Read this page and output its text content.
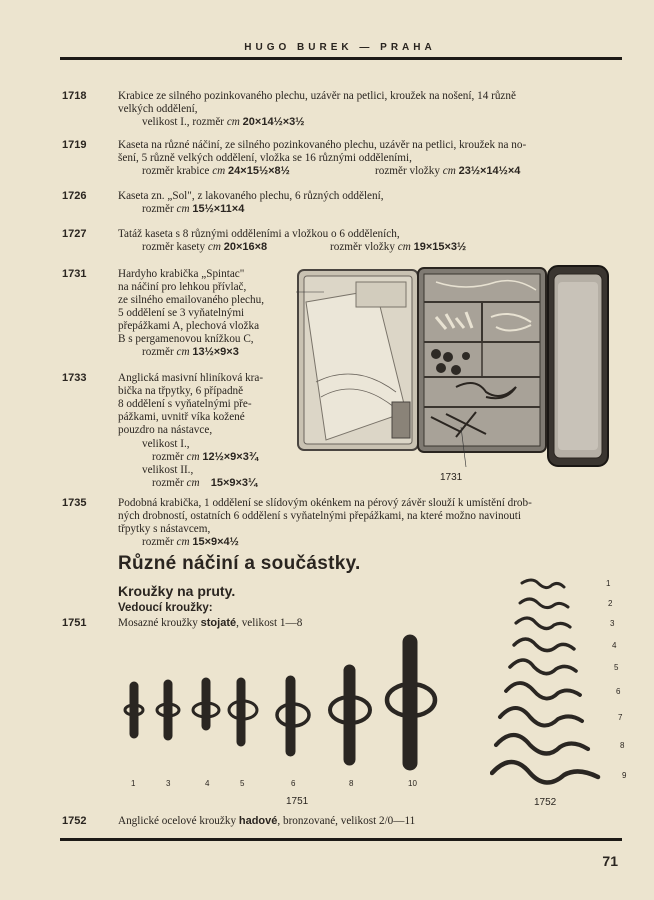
HUGO BUREK — PRAHA
1718	Krabice ze silného pozinkovaného plechu, uzávěr na petlici, kroužek na nošení, 14 různě
velkých oddělení,
velikost I., rozměr cm 20×14½×3½
1719	Kaseta na různé náčiní, ze silného pozinkovaného plechu, uzávěr na petlici, kroužek na no-
šení, 5 různě velkých oddělení, vložka se 16 různými odděleními,
rozměr krabice cm 24×15½×8½	rozměr vložky cm 23½×14½×4
1726	Kaseta zn. „Sol", z lakovaného plechu, 6 různých oddělení,
rozměr cm 15½×11×4
1727	Tatáž kaseta s 8 různými odděleními a vložkou o 6 odděleních,
rozměr kasety cm 20×16×8	rozměr vložky cm 19×15×3½
1731	Hardyho krabička „Spintac"
na náčiní pro lehkou přívlač,
ze silného emailovaného plechu,
5 oddělení se 3 vyňatelnými
přepážkami A, plechová vložka
B s pergamenovou knížkou C,
rozměr cm 13½×9×3
1733	Anglická masivní hliníková kra-
bička na třpytky, 6 případně
8 oddělení s vyňatelnými pře-
pážkami, uvnitř víka kožené
pouzdro na nástavce,
velikost I.,
rozměr cm 12½×9×3¾
velikost II.,
rozměr cm 15×9×3¼	1731
1735	Podobná krabička, 1 oddělení se slídovým okénkem na pérový závěr slouží k umístění drob-
ných drobností, ostatních 6 oddělení s vyňatelnými přepážkami, na které možno navinouti
třpytky s nástavcem,
rozměr cm 15×9×4½
Různé náčiní a součástky.
Kroužky na pruty.
Vedoucí kroužky:
1751	Mosazné kroužky stojaté, velikost 1—8
1	3	4	5	6	8	10
1751
1
2
3
4
5
6
7
8
9
1752
1752	Anglické ocelové kroužky hadové, bronzované, velikost 2/0—11
71
